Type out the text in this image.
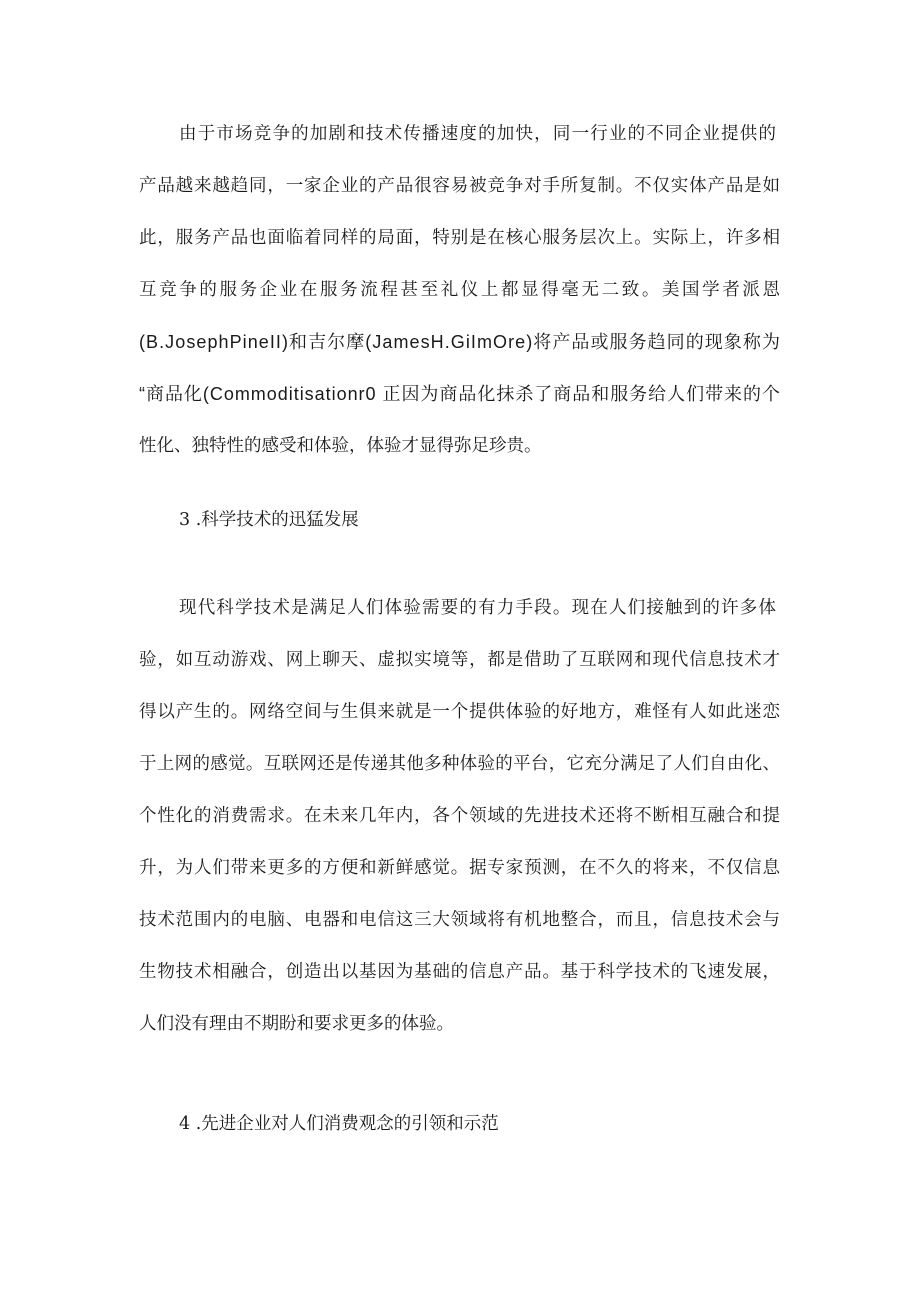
由于市场竞争的加剧和技术传播速度的加快，同一行业的不同企业提供的
产品越来越趋同，一家企业的产品很容易被竞争对手所复制。不仅实体产品是如
此，服务产品也面临着同样的局面，特别是在核心服务层次上。实际上，许多相
互竞争的服务企业在服务流程甚至礼仪上都显得毫无二致。美国学者派恩
(B.JosephPineII)和吉尔摩(JamesH.GiImOre)将产品或服务趋同的现象称为
“商品化(Commoditisationr0 正因为商品化抹杀了商品和服务给人们带来的个
性化、独特性的感受和体验，体验才显得弥足珍贵。
3 .科学技术的迅猛发展
现代科学技术是满足人们体验需要的有力手段。现在人们接触到的许多体
验，如互动游戏、网上聊天、虚拟实境等，都是借助了互联网和现代信息技术才
得以产生的。网络空间与生俱来就是一个提供体验的好地方，难怪有人如此迷恋
于上网的感觉。互联网还是传递其他多种体验的平台，它充分满足了人们自由化、
个性化的消费需求。在未来几年内，各个领域的先进技术还将不断相互融合和提
升，为人们带来更多的方便和新鲜感觉。据专家预测，在不久的将来，不仅信息
技术范围内的电脑、电器和电信这三大领域将有机地整合，而且，信息技术会与
生物技术相融合，创造出以基因为基础的信息产品。基于科学技术的飞速发展，
人们没有理由不期盼和要求更多的体验。
4 .先进企业对人们消费观念的引领和示范
